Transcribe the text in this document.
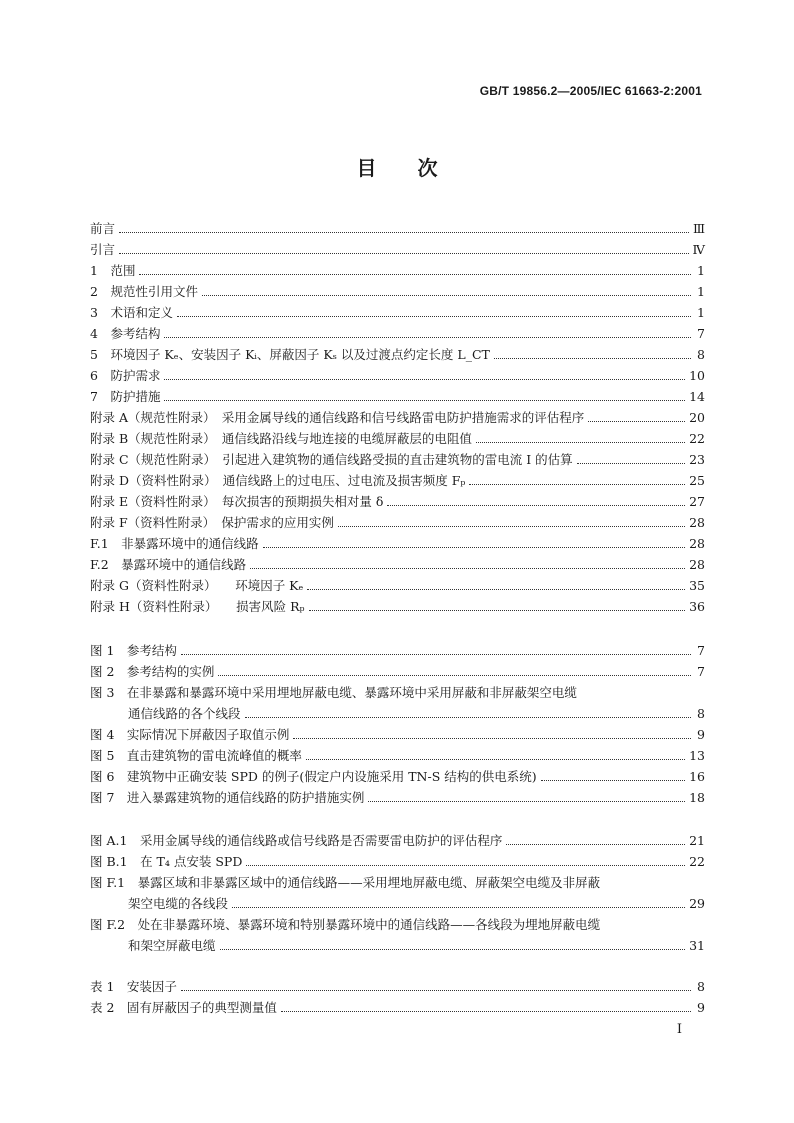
GB/T 19856.2—2005/IEC 61663-2:2001
目 次
前言	Ⅲ
引言	Ⅳ
1　范围	1
2　规范性引用文件	1
3　术语和定义	1
4　参考结构	7
5　环境因子 Kₑ、安装因子 Kᵢ、屏蔽因子 Kₛ 以及过渡点约定长度 L_CT	8
6　防护需求	10
7　防护措施	14
附录 A（规范性附录）　采用金属导线的通信线路和信号线路雷电防护措施需求的评估程序	20
附录 B（规范性附录）　通信线路沿线与地连接的电缆屏蔽层的电阻值	22
附录 C（规范性附录）　引起进入建筑物的通信线路受损的直击建筑物的雷电流 I 的估算	23
附录 D（资料性附录）　通信线路上的过电压、过电流及损害频度 Fₚ	25
附录 E（资料性附录）　每次损害的预期损失相对量 δ	27
附录 F（资料性附录）　保护需求的应用实例	28
F.1　非暴露环境中的通信线路	28
F.2　暴露环境中的通信线路	28
附录 G（资料性附录）　　环境因子 Kₑ	35
附录 H（资料性附录）　　损害风险 Rₚ	36
图 1　参考结构	7
图 2　参考结构的实例	7
图 3　在非暴露和暴露环境中采用埋地屏蔽电缆、暴露环境中采用屏蔽和非屏蔽架空电缆
通信线路的各个线段	8
图 4　实际情况下屏蔽因子取值示例	9
图 5　直击建筑物的雷电流峰值的概率	13
图 6　建筑物中正确安装 SPD 的例子(假定户内设施采用 TN-S 结构的供电系统)	16
图 7　进入暴露建筑物的通信线路的防护措施实例	18
图 A.1　采用金属导线的通信线路或信号线路是否需要雷电防护的评估程序	21
图 B.1　在 T₄ 点安装 SPD	22
图 F.1　暴露区域和非暴露区域中的通信线路——采用埋地屏蔽电缆、屏蔽架空电缆及非屏蔽
架空电缆的各线段	29
图 F.2　处在非暴露环境、暴露环境和特别暴露环境中的通信线路——各线段为埋地屏蔽电缆
和架空屏蔽电缆	31
表 1　安装因子	8
表 2　固有屏蔽因子的典型测量值	9
I
